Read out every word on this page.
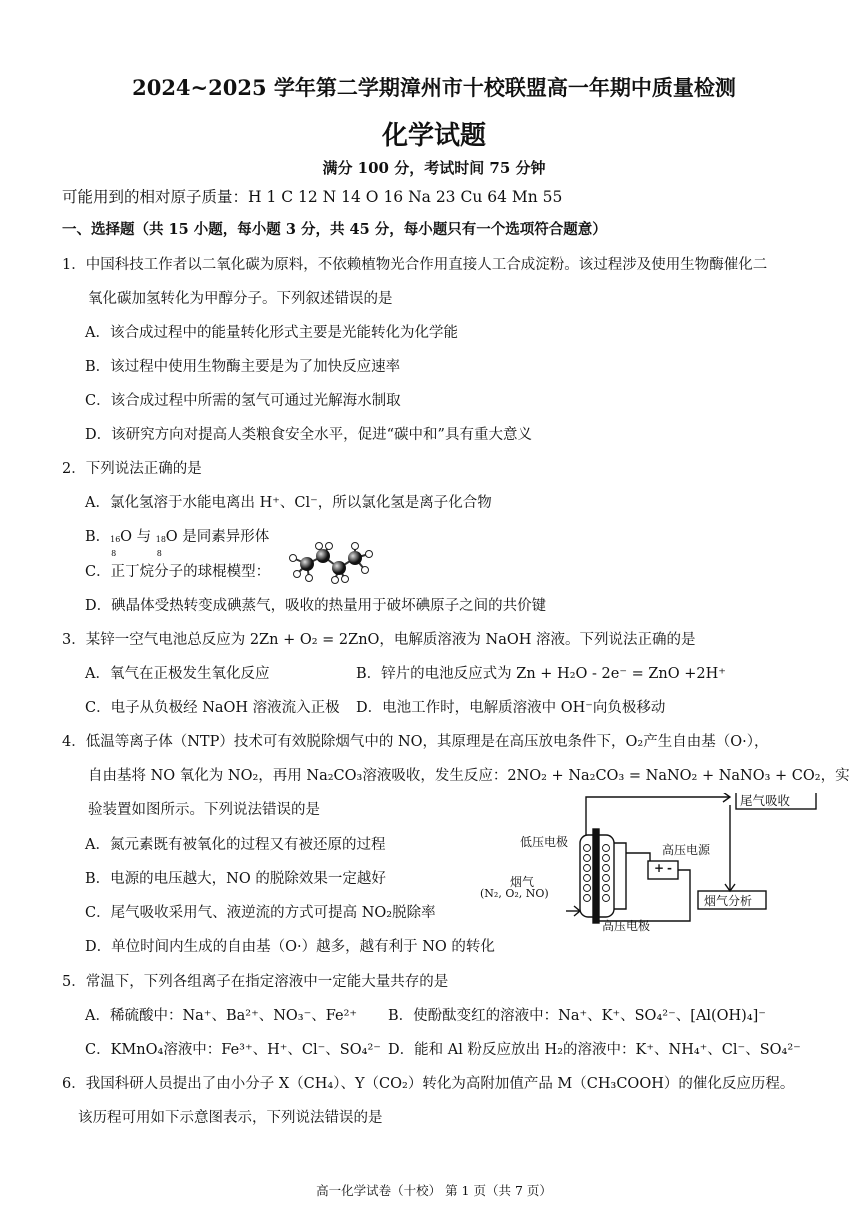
2024~2025 学年第二学期漳州市十校联盟高一年期中质量检测
化学试题
满分 100 分，考试时间 75 分钟
可能用到的相对原子质量：H 1 C 12 N 14 O 16 Na 23 Cu 64 Mn 55
一、选择题（共 15 小题，每小题 3 分，共 45 分，每小题只有一个选项符合题意）
1．中国科技工作者以二氧化碳为原料，不依赖植物光合作用直接人工合成淀粉。该过程涉及使用生物酶催化二
氧化碳加氢转化为甲醇分子。下列叙述错误的是
A．该合成过程中的能量转化形式主要是光能转化为化学能
B．该过程中使用生物酶主要是为了加快反应速率
C．该合成过程中所需的氢气可通过光解海水制取
D．该研究方向对提高人类粮食安全水平，促进“碳中和”具有重大意义
2．下列说法正确的是
A．氯化氢溶于水能电离出 H⁺、Cl⁻，所以氯化氢是离子化合物
B． 16
8
O 与 18
8
O 是同素异形体
C．正丁烷分子的球棍模型：
D．碘晶体受热转变成碘蒸气，吸收的热量用于破坏碘原子之间的共价键
3．某锌一空气电池总反应为 2Zn + O₂ = 2ZnO，电解质溶液为 NaOH 溶液。下列说法正确的是
A．氧气在正极发生氧化反应	B．锌片的电池反应式为 Zn + H₂O - 2e⁻ = ZnO +2H⁺
C．电子从负极经 NaOH 溶液流入正极 D．电池工作时，电解质溶液中 OH⁻向负极移动
4．低温等离子体（NTP）技术可有效脱除烟气中的 NO，其原理是在高压放电条件下，O₂产生自由基（O·），
自由基将 NO 氧化为 NO₂，再用 Na₂CO₃溶液吸收，发生反应：2NO₂ + Na₂CO₃ = NaNO₂ + NaNO₃ + CO₂，实
验装置如图所示。下列说法错误的是
A．氮元素既有被氧化的过程又有被还原的过程
B．电源的电压越大，NO 的脱除效果一定越好
C．尾气吸收采用气、液逆流的方式可提高 NO₂脱除率
D．单位时间内生成的自由基（O·）越多，越有利于 NO 的转化
尾气吸收
低压电极
高压电源
+ -
烟气
(N₂, O₂, NO)
烟气分析
高压电极
5．常温下，下列各组离子在指定溶液中一定能大量共存的是
A．稀硫酸中：Na⁺、Ba²⁺、NO₃⁻、Fe²⁺ B．使酚酞变红的溶液中：Na⁺、K⁺、SO₄²⁻、[Al(OH)₄]⁻
C．KMnO₄溶液中：Fe³⁺、H⁺、Cl⁻、SO₄²⁻ D．能和 Al 粉反应放出 H₂的溶液中：K⁺、NH₄⁺、Cl⁻、SO₄²⁻
6．我国科研人员提出了由小分子 X（CH₄）、Y（CO₂）转化为高附加值产品 M（CH₃COOH）的催化反应历程。
该历程可用如下示意图表示，下列说法错误的是
高一化学试卷（十校） 第 1 页（共 7 页）
